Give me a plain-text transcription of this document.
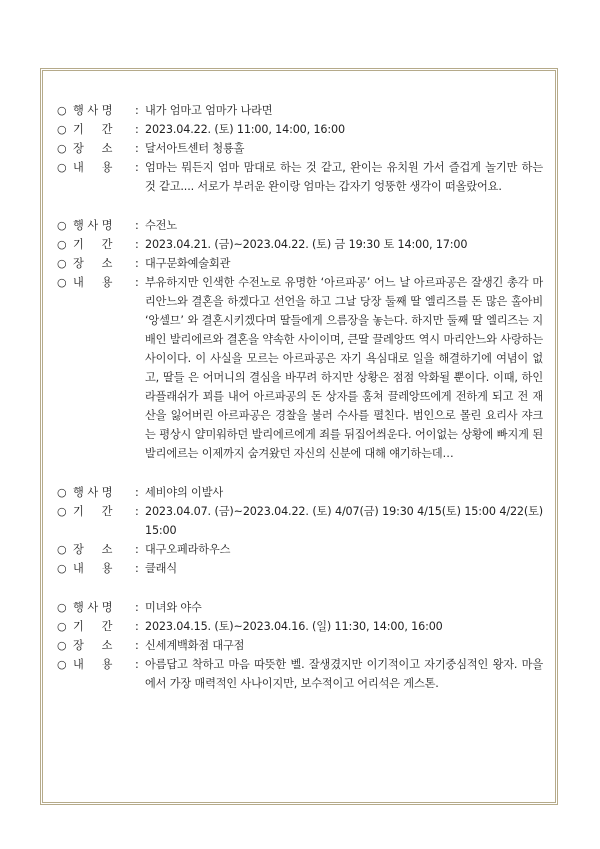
○ 행 사 명	: 내가 엄마고 엄마가 나라면
○ 기     간	: 2023.04.22. (토) 11:00, 14:00, 16:00
○ 장     소	: 달서아트센터 청룡홀
○ 내     용	: 엄마는 뭐든지 엄마 맘대로 하는 것 같고, 완이는 유치원 가서 즐겁게 놀기만 하는 것 같고.... 서로가 부러운 완이랑 엄마는 갑자기 엉뚱한 생각이 떠올랐어요.
○ 행 사 명	: 수전노
○ 기     간	: 2023.04.21. (금)~2023.04.22. (토) 금 19:30 토 14:00, 17:00
○ 장     소	: 대구문화예술회관
○ 내     용	: 부유하지만 인색한 수전노로 유명한 ‘아르파공’ 어느 날 아르파공은 잘생긴 총각 마리안느와 결혼을 하겠다고 선언을 하고 그날 당장 둘째 딸 엘리즈를 돈 많은 홀아비 ‘앙셀므’ 와 결혼시키겠다며 딸들에게 으름장을 놓는다. 하지만 둘째 딸 엘리즈는 지배인 발리에르와 결혼을 약속한 사이이며, 큰딸 끌레앙뜨 역시 마리안느와 사랑하는 사이이다. 이 사실을 모르는 아르파공은 자기 욕심대로 일을 해결하기에 여념이 없고, 딸들 은 어머니의 결심을 바꾸려 하지만 상황은 점점 악화될 뿐이다. 이때, 하인 라플래쉬가 꾀를 내어 아르파공의 돈 상자를 훔쳐 끌레앙뜨에게 전하게 되고 전 재산을 잃어버린 아르파공은 경찰을 불러 수사를 펼친다. 범인으로 몰린 요리사 쟈크는 평상시 얄미워하던 발리에르에게 죄를 뒤집어씌운다. 어이없는 상황에 빠지게 된 발리에르는 이제까지 숨겨왔던 자신의 신분에 대해 얘기하는데…
○ 행 사 명	: 세비야의 이발사
○ 기     간	: 2023.04.07. (금)~2023.04.22. (토) 4/07(금) 19:30 4/15(토) 15:00 4/22(토) 15:00
○ 장     소	: 대구오페라하우스
○ 내     용	: 클래식
○ 행 사 명	: 미녀와 야수
○ 기     간	: 2023.04.15. (토)~2023.04.16. (일) 11:30, 14:00, 16:00
○ 장     소	: 신세계백화점 대구점
○ 내     용	: 아름답고 착하고 마음 따뜻한 벨. 잘생겼지만 이기적이고 자기중심적인 왕자. 마을에서 가장 매력적인 사나이지만, 보수적이고 어리석은 게스톤.
